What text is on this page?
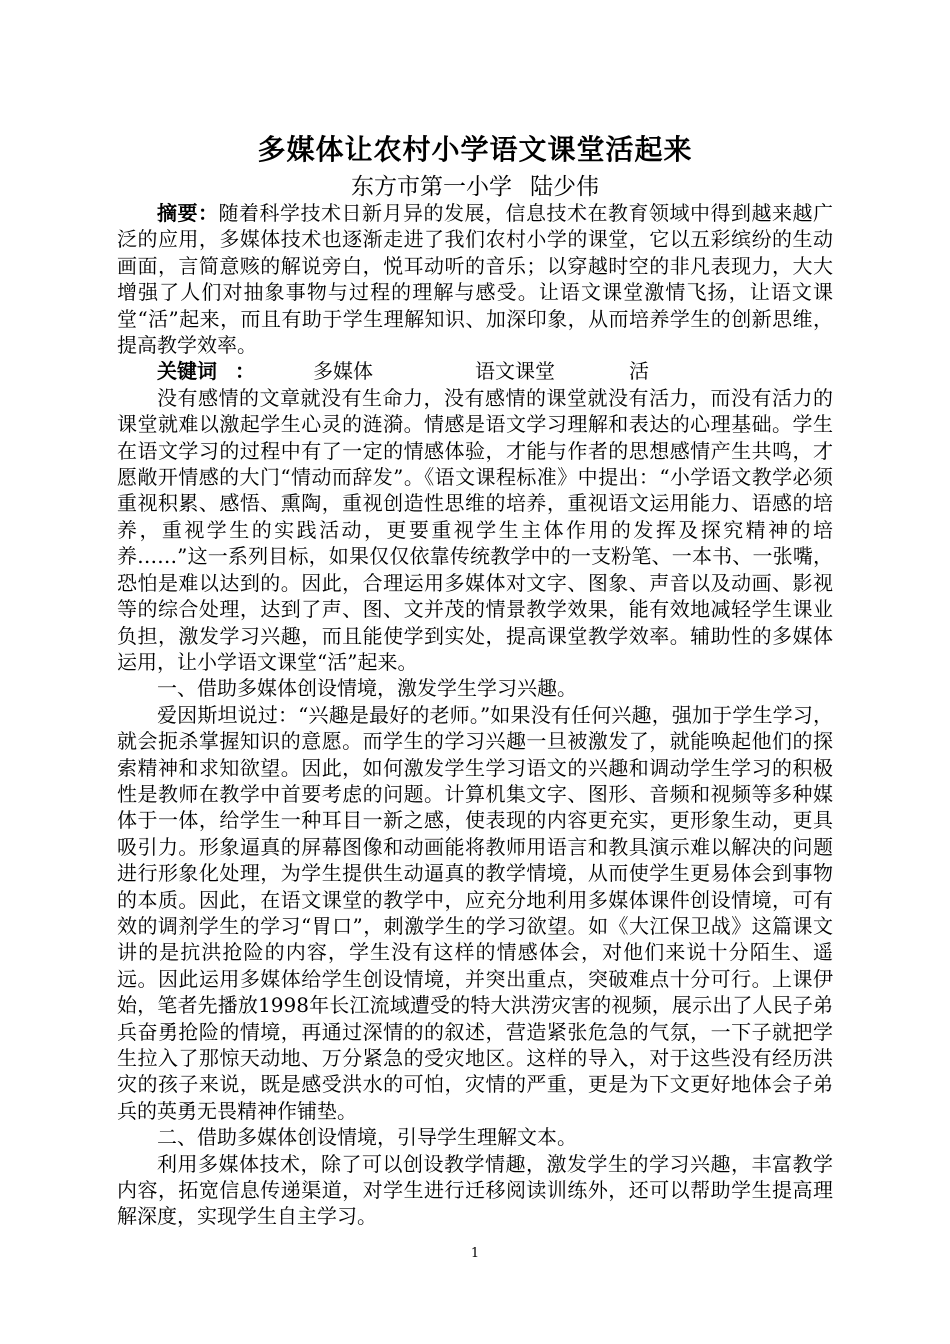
多媒体让农村小学语文课堂活起来
东方市第一小学 陆少伟

摘要：随着科学技术日新月异的发展，信息技术在教育领域中得到越来越广泛的应用，多媒体技术也逐渐走进了我们农村小学的课堂，它以五彩缤纷的生动画面，言简意赅的解说旁白，悦耳动听的音乐；以穿越时空的非凡表现力，大大增强了人们对抽象事物与过程的理解与感受。让语文课堂激情飞扬，让语文课堂“活”起来，而且有助于学生理解知识、加深印象，从而培养学生的创新思维，提高教学效率。

关键词 ：	多媒体	语文课堂	活

没有感情的文章就没有生命力，没有感情的课堂就没有活力，而没有活力的课堂就难以激起学生心灵的涟漪。情感是语文学习理解和表达的心理基础。学生在语文学习的过程中有了一定的情感体验，才能与作者的思想感情产生共鸣，才愿敞开情感的大门“情动而辞发”。《语文课程标准》中提出：“小学语文教学必须重视积累、感悟、熏陶，重视创造性思维的培养，重视语文运用能力、语感的培养，重视学生的实践活动，更要重视学生主体作用的发挥及探究精神的培养……”这一系列目标，如果仅仅依靠传统教学中的一支粉笔、一本书、一张嘴，恐怕是难以达到的。因此，合理运用多媒体对文字、图象、声音以及动画、影视等的综合处理，达到了声、图、文并茂的情景教学效果，能有效地减轻学生课业负担，激发学习兴趣，而且能使学到实处，提高课堂教学效率。辅助性的多媒体运用，让小学语文课堂“活”起来。

一、借助多媒体创设情境，激发学生学习兴趣。

爱因斯坦说过：“兴趣是最好的老师。”如果没有任何兴趣，强加于学生学习，就会扼杀掌握知识的意愿。而学生的学习兴趣一旦被激发了，就能唤起他们的探索精神和求知欲望。因此，如何激发学生学习语文的兴趣和调动学生学习的积极性是教师在教学中首要考虑的问题。计算机集文字、图形、音频和视频等多种媒体于一体，给学生一种耳目一新之感，使表现的内容更充实，更形象生动，更具吸引力。形象逼真的屏幕图像和动画能将教师用语言和教具演示难以解决的问题进行形象化处理，为学生提供生动逼真的教学情境，从而使学生更易体会到事物的本质。因此，在语文课堂的教学中，应充分地利用多媒体课件创设情境，可有效的调剂学生的学习“胃口”，刺激学生的学习欲望。如《大江保卫战》这篇课文讲的是抗洪抢险的内容，学生没有这样的情感体会，对他们来说十分陌生、遥远。因此运用多媒体给学生创设情境，并突出重点，突破难点十分可行。上课伊始，笔者先播放1998年长江流域遭受的特大洪涝灾害的视频，展示出了人民子弟兵奋勇抢险的情境，再通过深情的的叙述，营造紧张危急的气氛，一下子就把学生拉入了那惊天动地、万分紧急的受灾地区。这样的导入，对于这些没有经历洪灾的孩子来说，既是感受洪水的可怕，灾情的严重，更是为下文更好地体会子弟兵的英勇无畏精神作铺垫。

二、借助多媒体创设情境，引导学生理解文本。

利用多媒体技术，除了可以创设教学情趣，激发学生的学习兴趣，丰富教学内容，拓宽信息传递渠道，对学生进行迁移阅读训练外，还可以帮助学生提高理解深度，实现学生自主学习。

1
